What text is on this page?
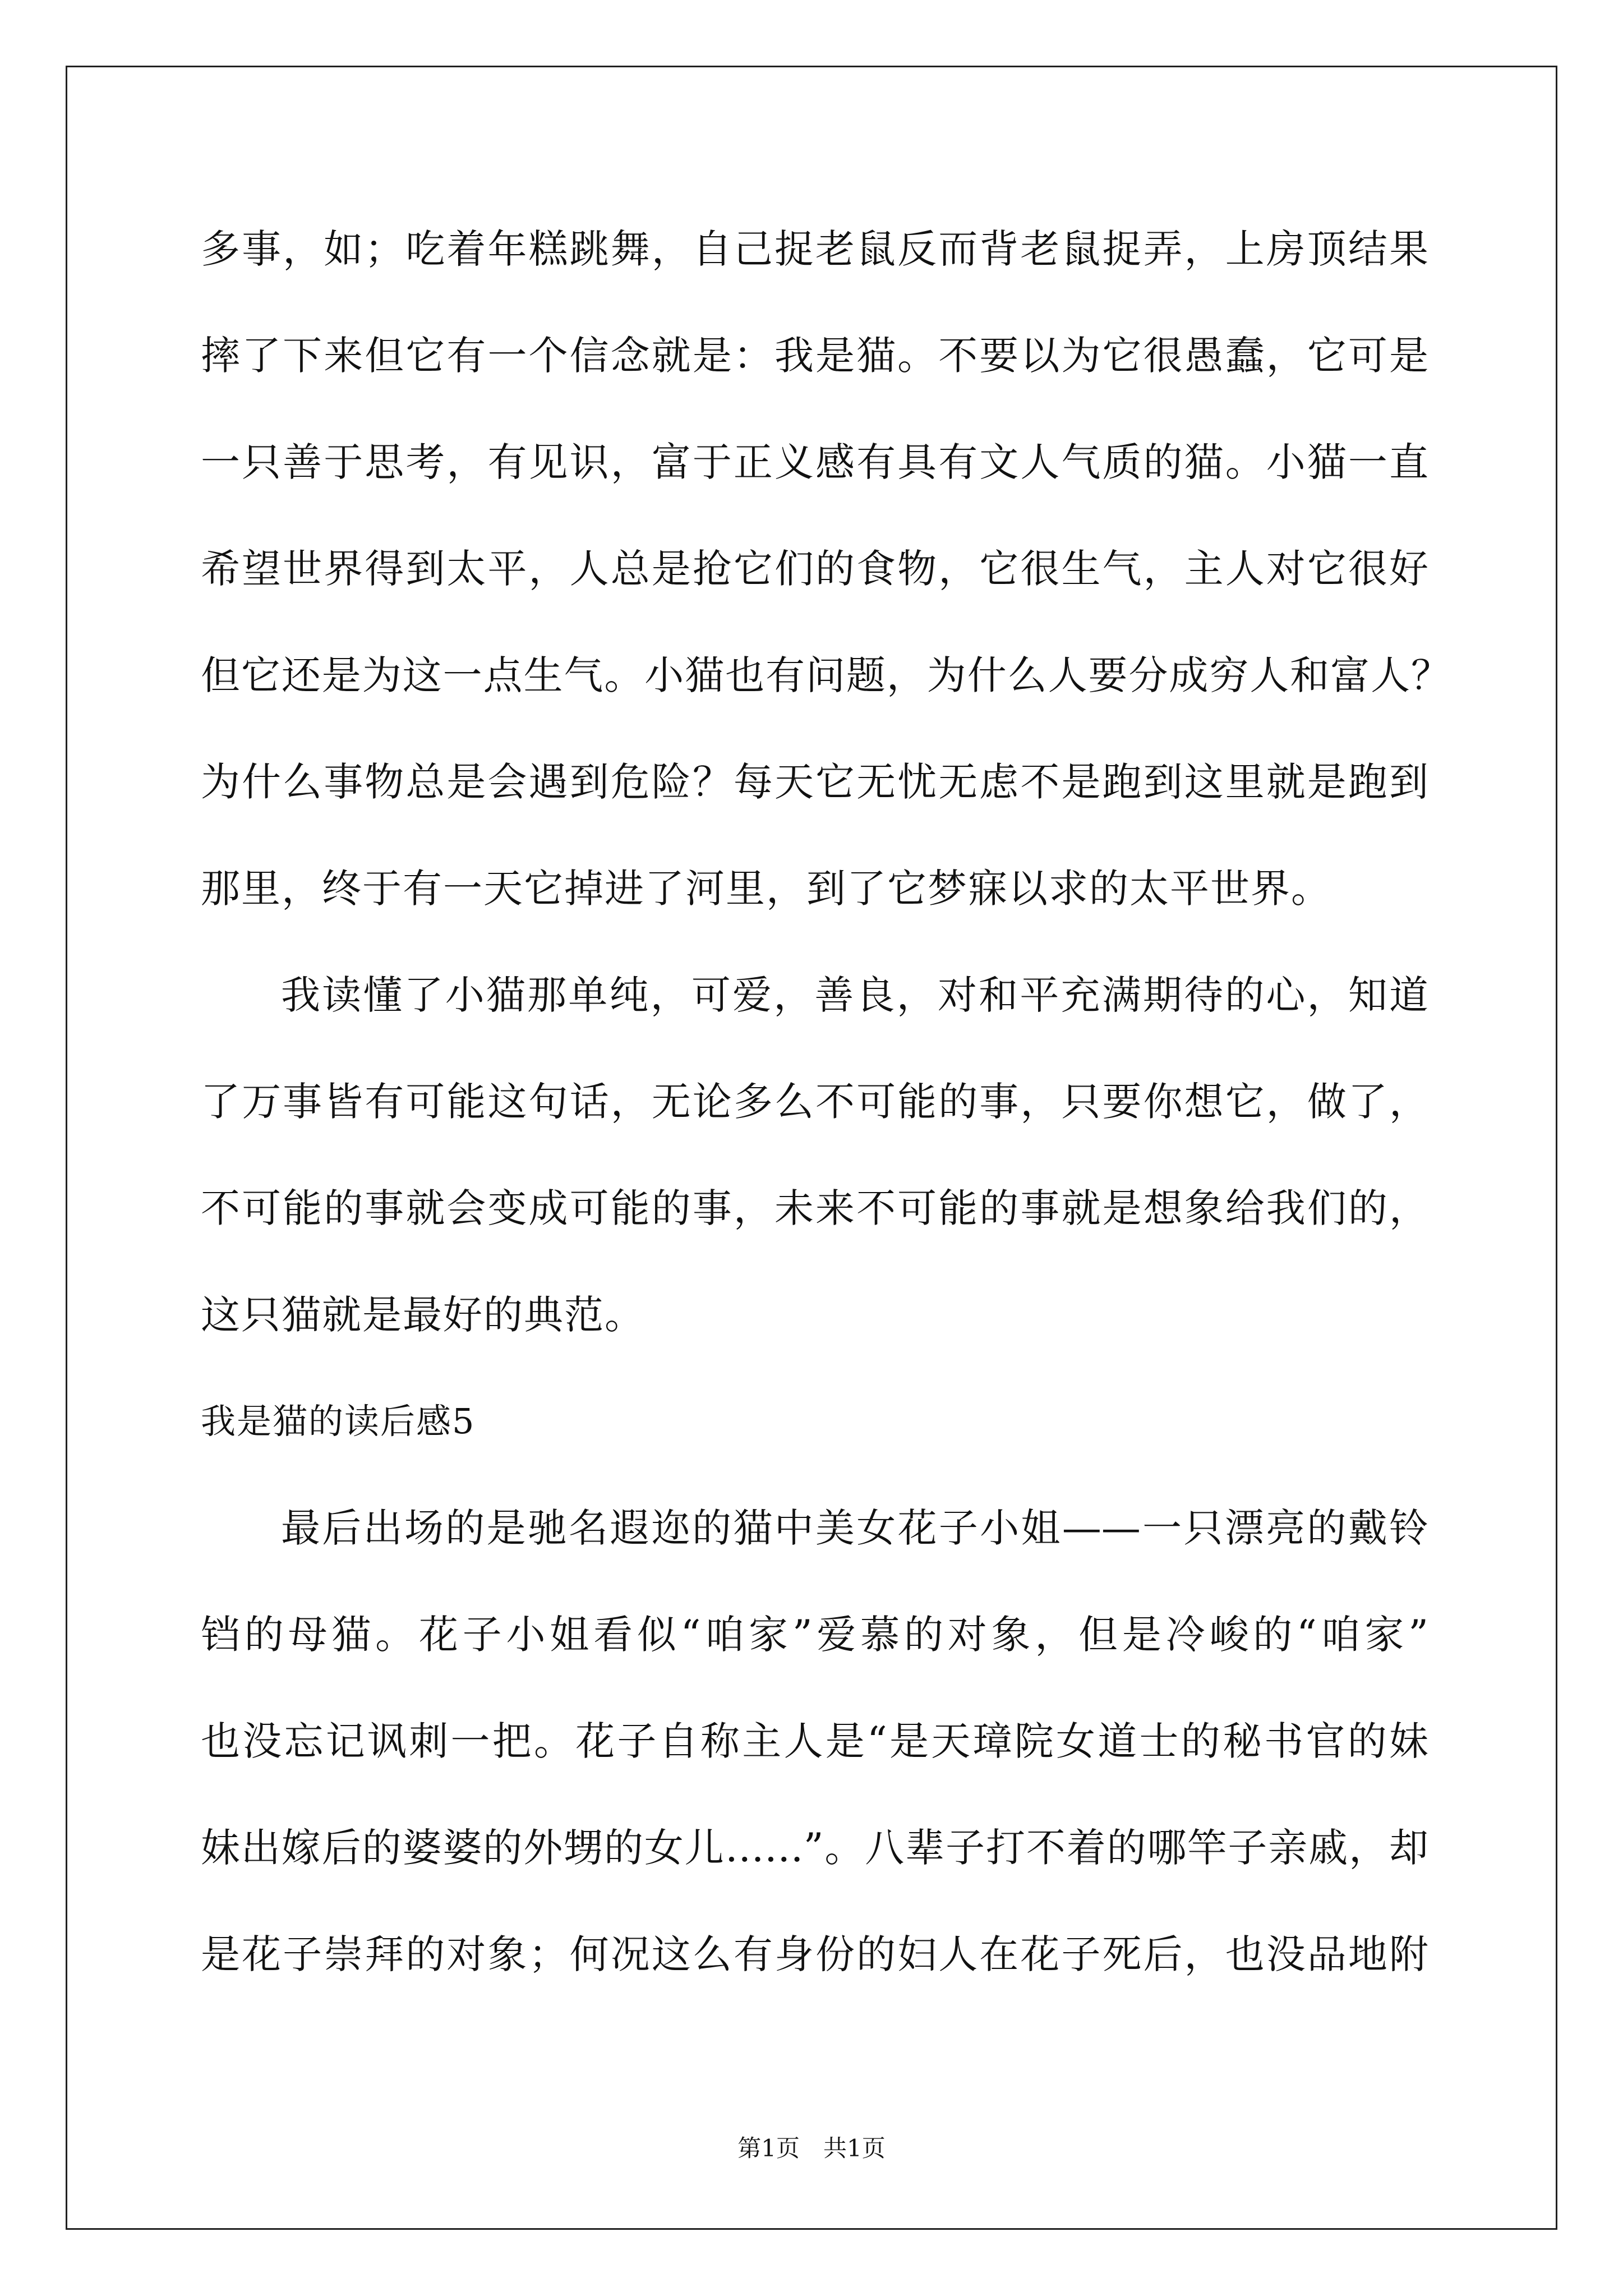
多事，如；吃着年糕跳舞，自己捉老鼠反而背老鼠捉弄，上房顶结果
摔了下来但它有一个信念就是：我是猫。不要以为它很愚蠢，它可是
一只善于思考，有见识，富于正义感有具有文人气质的猫。小猫一直
希望世界得到太平，人总是抢它们的食物，它很生气，主人对它很好
但它还是为这一点生气。小猫也有问题，为什么人要分成穷人和富人？
为什么事物总是会遇到危险？每天它无忧无虑不是跑到这里就是跑到
那里，终于有一天它掉进了河里，到了它梦寐以求的太平世界。
我读懂了小猫那单纯，可爱，善良，对和平充满期待的心，知道
了万事皆有可能这句话，无论多么不可能的事，只要你想它，做了，
不可能的事就会变成可能的事，未来不可能的事就是想象给我们的，
这只猫就是最好的典范。
我是猫的读后感5
最后出场的是驰名遐迩的猫中美女花子小姐——一只漂亮的戴铃
铛的母猫。花子小姐看似“咱家”爱慕的对象，但是冷峻的“咱家”
也没忘记讽刺一把。花子自称主人是“是天璋院女道士的秘书官的妹
妹出嫁后的婆婆的外甥的女儿……”。八辈子打不着的哪竿子亲戚，却
是花子崇拜的对象；何况这么有身份的妇人在花子死后，也没品地附
第1页　共1页
